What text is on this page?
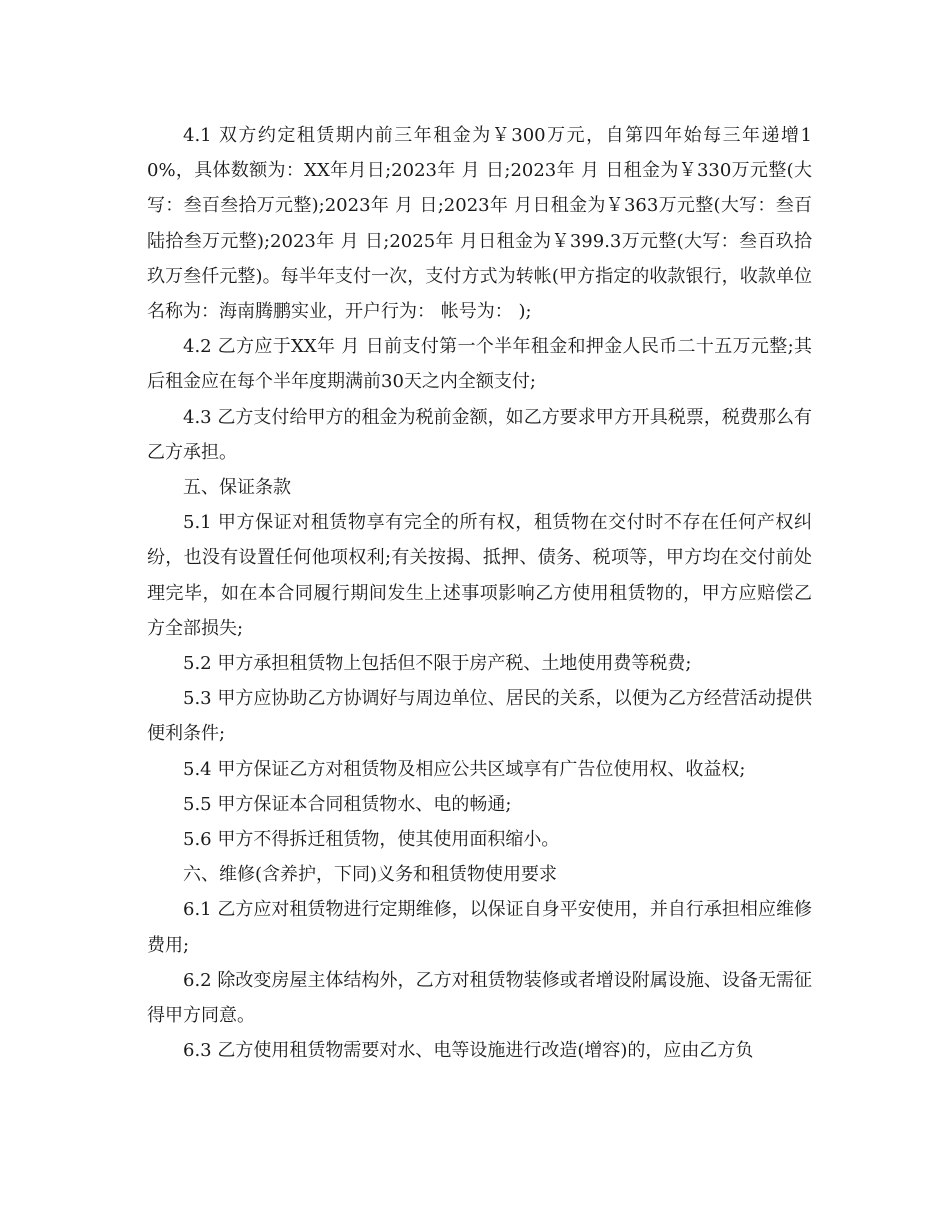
4.1 双方约定租赁期内前三年租金为￥300万元，自第四年始每三年递增10%，具体数额为：XX年月日;2023年 月 日;2023年 月 日租金为￥330万元整(大写：叁百叁拾万元整);2023年 月 日;2023年 月日租金为￥363万元整(大写：叁百陆拾叁万元整);2023年 月 日;2025年 月日租金为￥399.3万元整(大写：叁百玖拾玖万叁仟元整)。每半年支付一次，支付方式为转帐(甲方指定的收款银行，收款单位名称为：海南腾鹏实业，开户行为： 帐号为： );

4.2 乙方应于XX年 月 日前支付第一个半年租金和押金人民币二十五万元整;其后租金应在每个半年度期满前30天之内全额支付;

4.3 乙方支付给甲方的租金为税前金额，如乙方要求甲方开具税票，税费那么有乙方承担。

五、保证条款

5.1 甲方保证对租赁物享有完全的所有权，租赁物在交付时不存在任何产权纠纷，也没有设置任何他项权利;有关按揭、抵押、债务、税项等，甲方均在交付前处理完毕，如在本合同履行期间发生上述事项影响乙方使用租赁物的，甲方应赔偿乙方全部损失;

5.2 甲方承担租赁物上包括但不限于房产税、土地使用费等税费;

5.3 甲方应协助乙方协调好与周边单位、居民的关系，以便为乙方经营活动提供便利条件;

5.4 甲方保证乙方对租赁物及相应公共区域享有广告位使用权、收益权;

5.5 甲方保证本合同租赁物水、电的畅通;

5.6 甲方不得拆迁租赁物，使其使用面积缩小。

六、维修(含养护，下同)义务和租赁物使用要求

6.1 乙方应对租赁物进行定期维修，以保证自身平安使用，并自行承担相应维修费用;

6.2 除改变房屋主体结构外，乙方对租赁物装修或者增设附属设施、设备无需征得甲方同意。

6.3 乙方使用租赁物需要对水、电等设施进行改造(增容)的，应由乙方负
